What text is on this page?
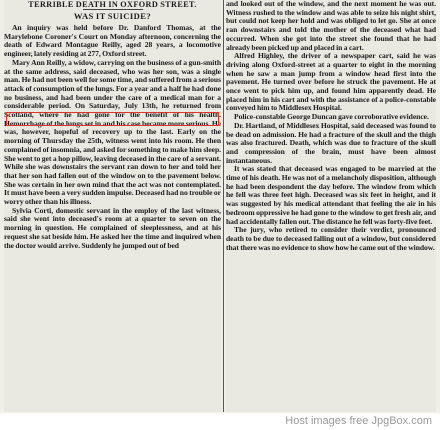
TERRIBLE DEATH IN OXFORD STREET.
WAS IT SUICIDE?

An inquiry was held before Dr. Danford Thomas, at the Marylebone Coroner's Court on Monday afternoon, concerning the death of Edward Montague Reilly, aged 28 years, a locomotive engineer, lately residing at 277, Oxford street.

Mary Ann Reilly, a widow, carrying on the business of a gun-smith at the same address, said deceased, who was her son, was a single man. He had not been well for some time, and suffered from a serious attack of consumption of the lungs. For a year and a half he had done no business, and had been under the care of a medical man for a considerable period. On Saturday, July 13th, he returned from Scotland, where he had gone for the benefit of his health. Hemorrhage of the lungs set in and his case became more serious. He was, however, hopeful of recovery up to the last. Early on the morning of Thursday the 25th, witness went into his room. He then complained of insomnia, and asked for something to make him sleep. She went to get a hop pillow, leaving deceased in the care of a servant. While she was downstairs the servant ran down to her and told her that her son had fallen out of the window on to the pavement below. She was certain in her own mind that the act was not contemplated. It must have been a very sudden impulse. Deceased had no trouble or worry other than his illness.

Sylvia Corti, domestic servant in the employ of the last witness, said she went into deceased's room at a quarter to seven on the morning in question. He complained of sleeplessness, and at his request she sat beside him. He asked her the time and inquired when the doctor would arrive. Suddenly he jumped out of bed

and looked out of the window, and the next moment he was out. Witness rushed to the window and was able to seize his night shirt, but could not keep her hold and was obliged to let go. She at once ran downstairs and told the mother of the deceased what had occurred. When she got into the street she found that he had already been picked up and placed in a cart.

Alfred Highley, the driver of a newspaper cart, said he was driving along Oxford-street at a quarter to eight in the morning when he saw a man jump from a window head first into the pavement. He turned over before he struck the pavement. He at once went to pick him up, and found him apparently dead. He placed him in his cart and with the assistance of a police-constable conveyed him to Middlesex Hospital.

Police-constable George Duncan gave corroborative evidence.

Dr. Hartland, of Middlesex Hospital, said deceased was found to be dead on admission. He had a fracture of the skull and the thigh was also fractured. Death, which was due to fracture of the skull and compression of the brain, must have been almost instantaneous.

It was stated that deceased was engaged to be married at the time of his death. He was not of a melancholy disposition, although he had been despondent the day before. The window from which he fell was three feet high. Deceased was six feet in height, and it was suggested by his medical attendant that feeling the air in his bedroom oppressive he had gone to the window to get fresh air, and had accidentally fallen out. The distance he fell was forty-five feet.

The jury, who retired to consider their verdict, pronounced death to be due to deceased falling out of a window, but considered that there was no evidence to show how he came out of the window.

Host images free JpgBox.com
